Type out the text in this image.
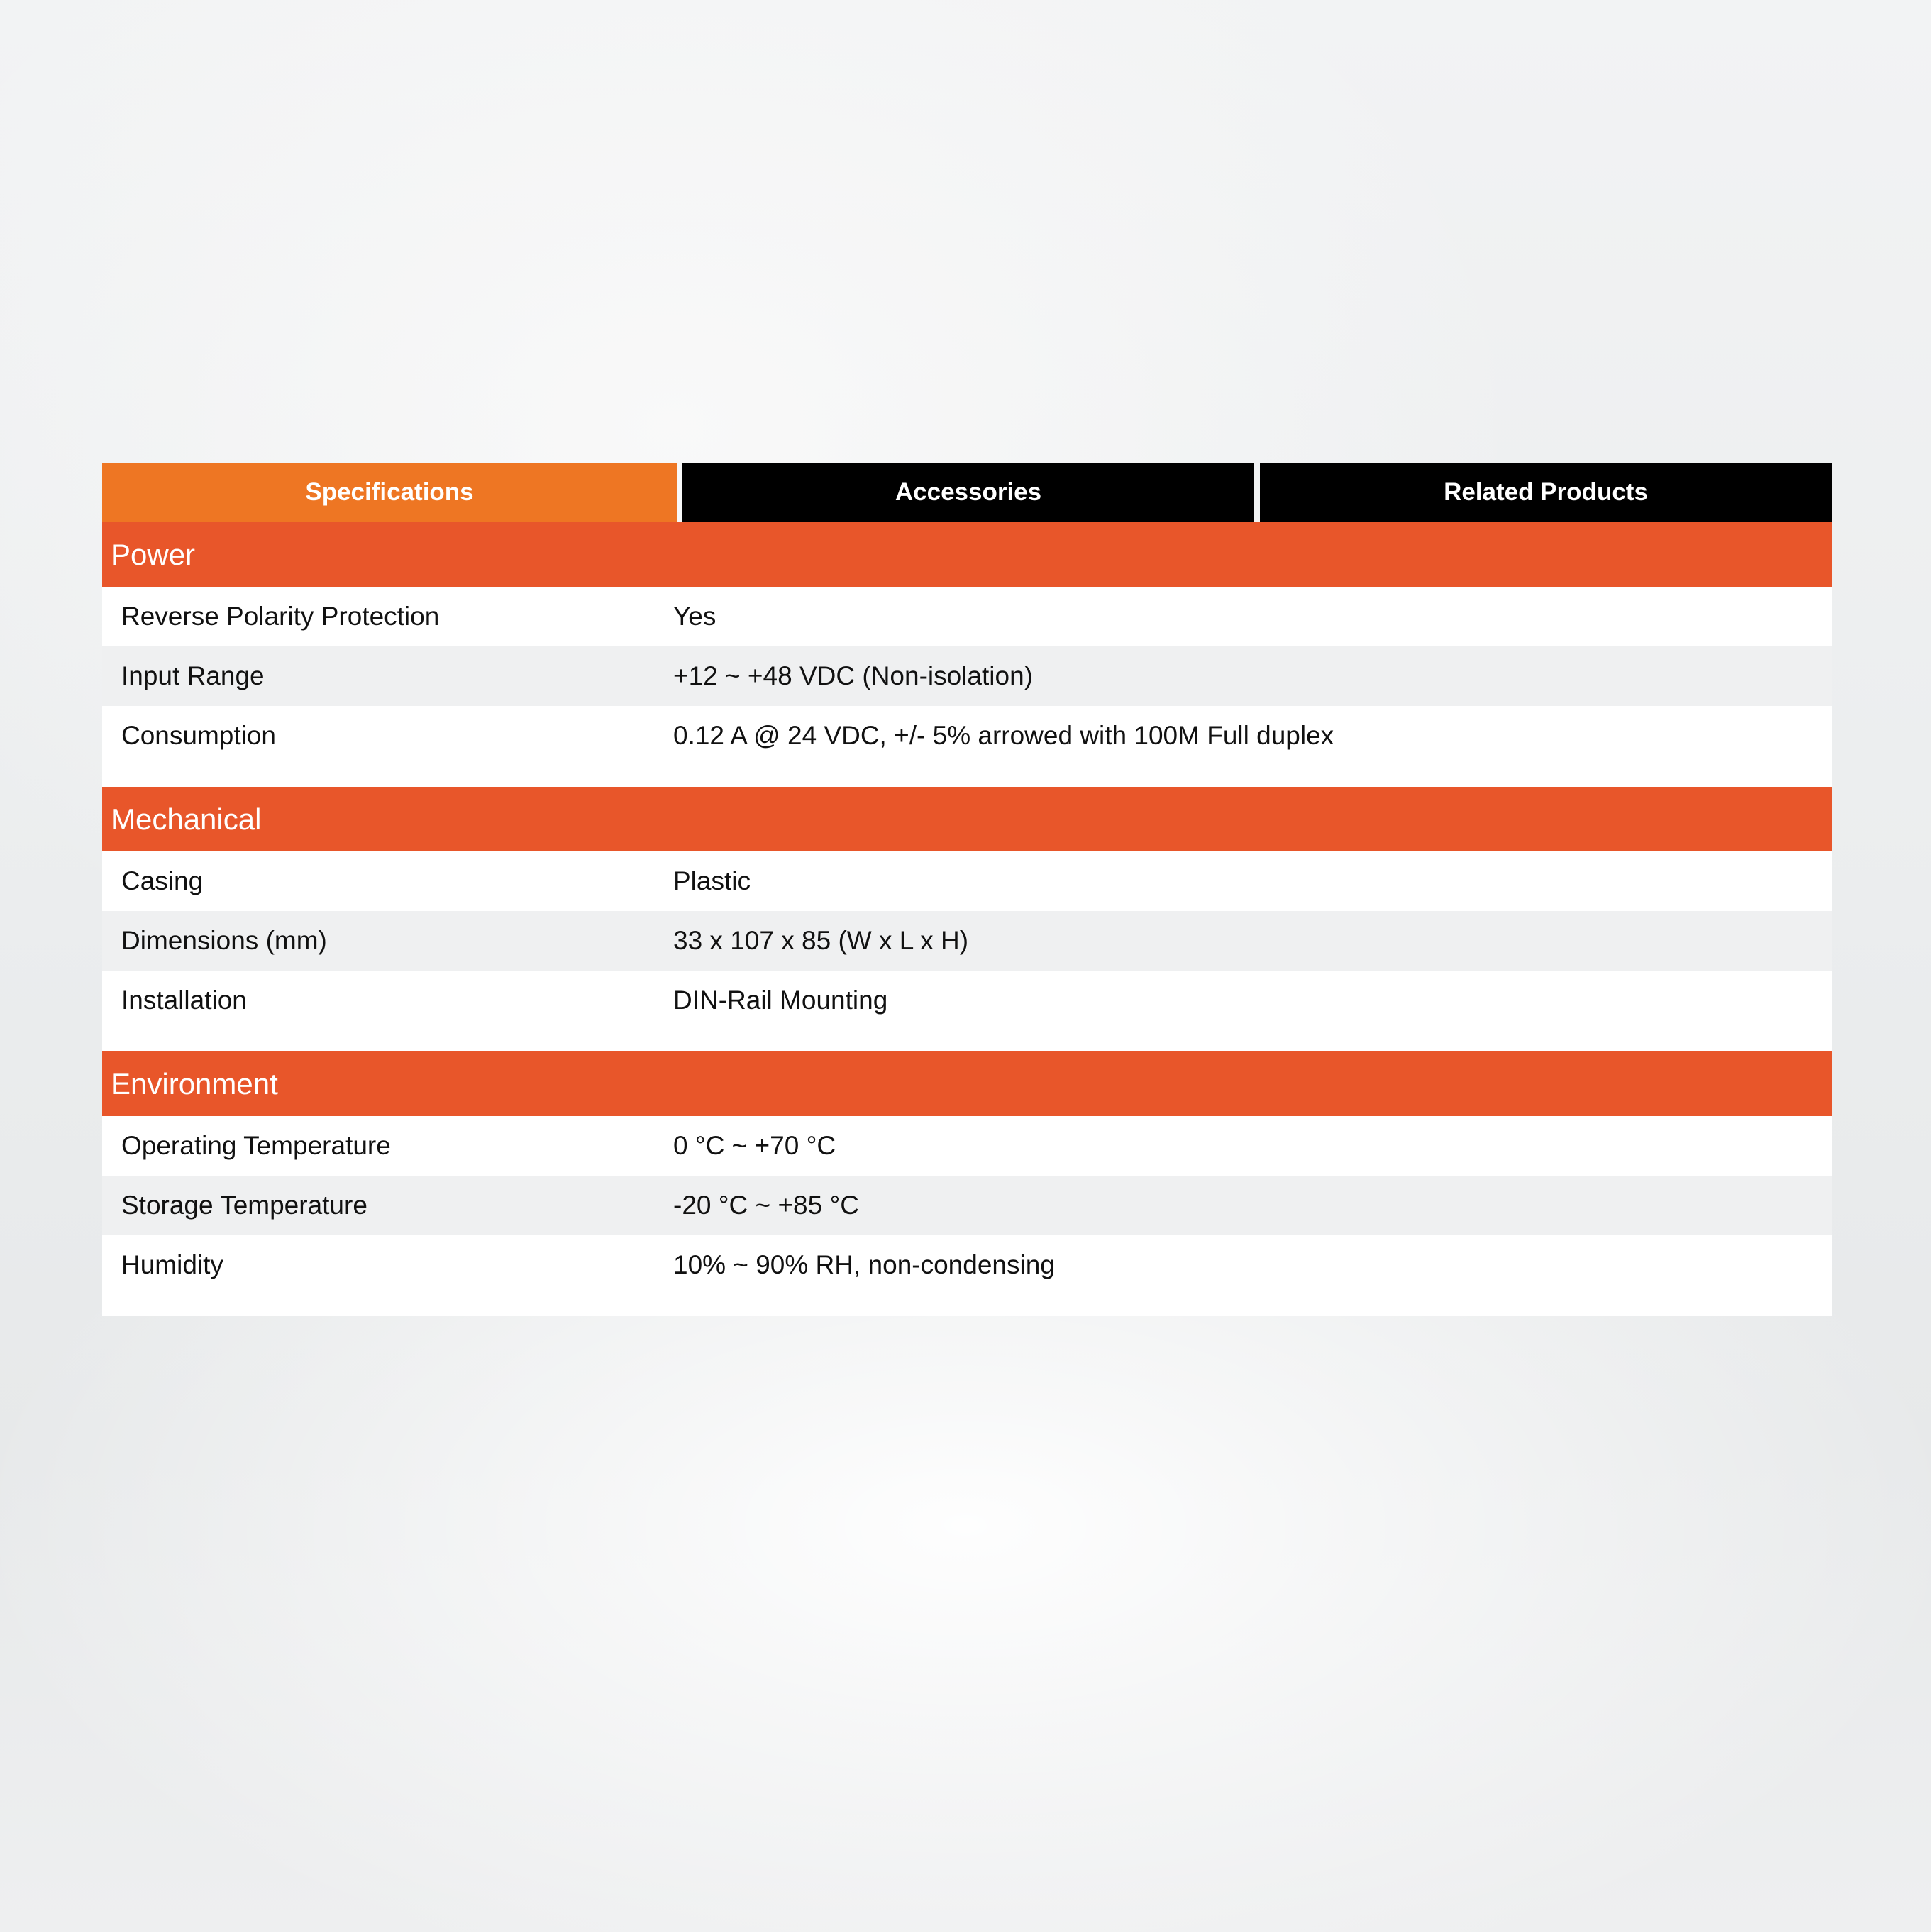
Specifications	Accessories	Related Products
Power
Reverse Polarity Protection	Yes
Input Range	+12 ~ +48 VDC (Non-isolation)
Consumption	0.12 A @ 24 VDC, +/- 5% arrowed with 100M Full duplex
Mechanical
Casing	Plastic
Dimensions (mm)	33 x 107 x 85 (W x L x H)
Installation	DIN-Rail Mounting
Environment
Operating Temperature	0 °C ~ +70 °C
Storage Temperature	-20 °C ~ +85 °C
Humidity	10% ~ 90% RH, non-condensing
